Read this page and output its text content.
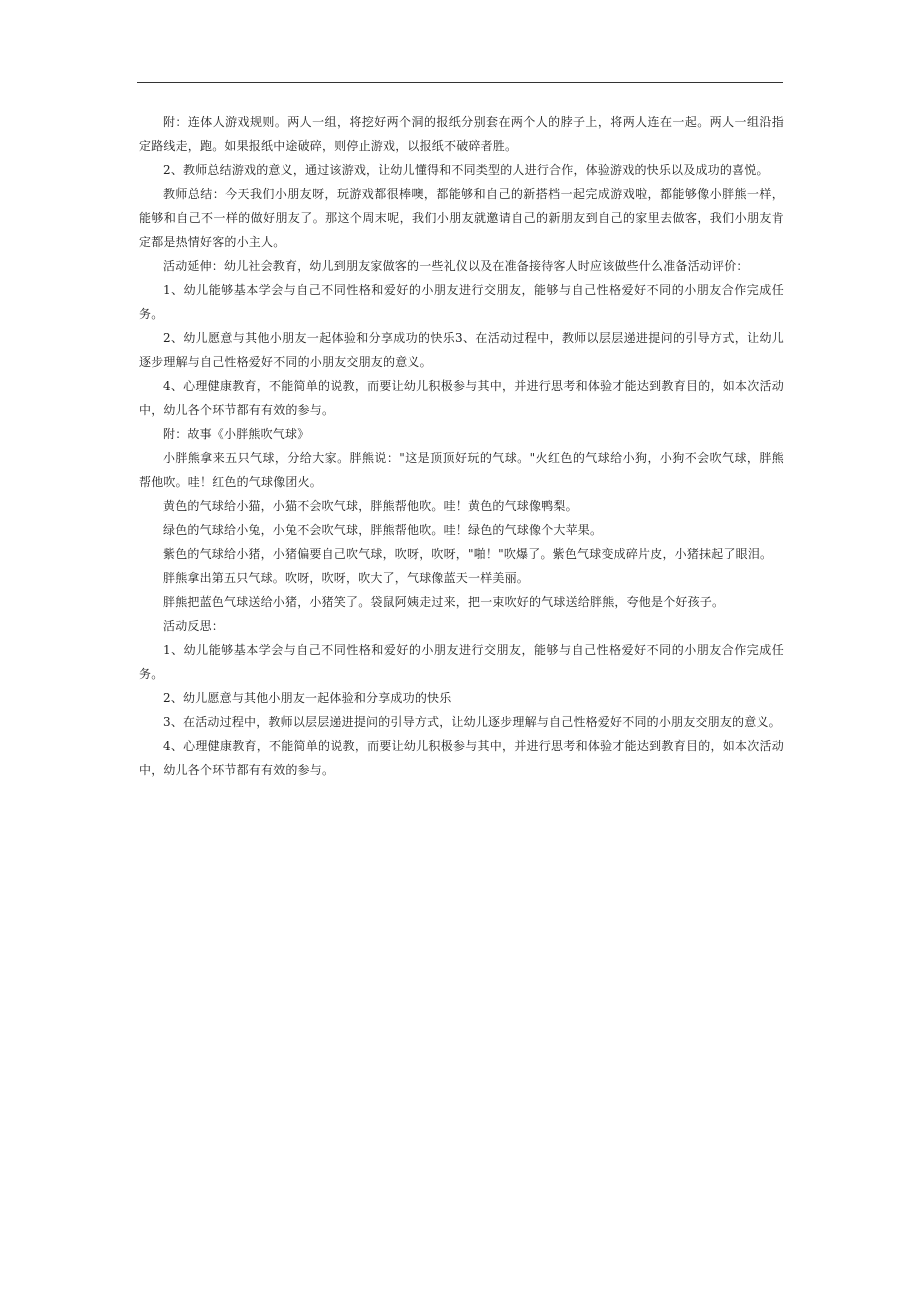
附：连体人游戏规则。两人一组，将挖好两个洞的报纸分别套在两个人的脖子上，将两人连在一起。两人一组沿指定路线走，跑。如果报纸中途破碎，则停止游戏，以报纸不破碎者胜。

2、教师总结游戏的意义，通过该游戏，让幼儿懂得和不同类型的人进行合作，体验游戏的快乐以及成功的喜悦。

教师总结：今天我们小朋友呀，玩游戏都很棒噢，都能够和自己的新搭档一起完成游戏啦，都能够像小胖熊一样，能够和自己不一样的做好朋友了。那这个周末呢，我们小朋友就邀请自己的新朋友到自己的家里去做客，我们小朋友肯定都是热情好客的小主人。

活动延伸：幼儿社会教育，幼儿到朋友家做客的一些礼仪以及在准备接待客人时应该做些什么准备活动评价：

1、幼儿能够基本学会与自己不同性格和爱好的小朋友进行交朋友，能够与自己性格爱好不同的小朋友合作完成任务。

2、幼儿愿意与其他小朋友一起体验和分享成功的快乐3、在活动过程中，教师以层层递进提问的引导方式，让幼儿逐步理解与自己性格爱好不同的小朋友交朋友的意义。

4、心理健康教育，不能简单的说教，而要让幼儿积极参与其中，并进行思考和体验才能达到教育目的，如本次活动中，幼儿各个环节都有有效的参与。

附：故事《小胖熊吹气球》

小胖熊拿来五只气球，分给大家。胖熊说："这是顶顶好玩的气球。"火红色的气球给小狗，小狗不会吹气球，胖熊帮他吹。哇！红色的气球像团火。

黄色的气球给小猫，小猫不会吹气球，胖熊帮他吹。哇！黄色的气球像鸭梨。

绿色的气球给小兔，小兔不会吹气球，胖熊帮他吹。哇！绿色的气球像个大苹果。

紫色的气球给小猪，小猪偏要自己吹气球，吹呀，吹呀，"啪！"吹爆了。紫色气球变成碎片皮，小猪抹起了眼泪。

胖熊拿出第五只气球。吹呀，吹呀，吹大了，气球像蓝天一样美丽。

胖熊把蓝色气球送给小猪，小猪笑了。袋鼠阿姨走过来，把一束吹好的气球送给胖熊，夸他是个好孩子。

活动反思：

1、幼儿能够基本学会与自己不同性格和爱好的小朋友进行交朋友，能够与自己性格爱好不同的小朋友合作完成任务。

2、幼儿愿意与其他小朋友一起体验和分享成功的快乐

3、在活动过程中，教师以层层递进提问的引导方式，让幼儿逐步理解与自己性格爱好不同的小朋友交朋友的意义。

4、心理健康教育，不能简单的说教，而要让幼儿积极参与其中，并进行思考和体验才能达到教育目的，如本次活动中，幼儿各个环节都有有效的参与。
